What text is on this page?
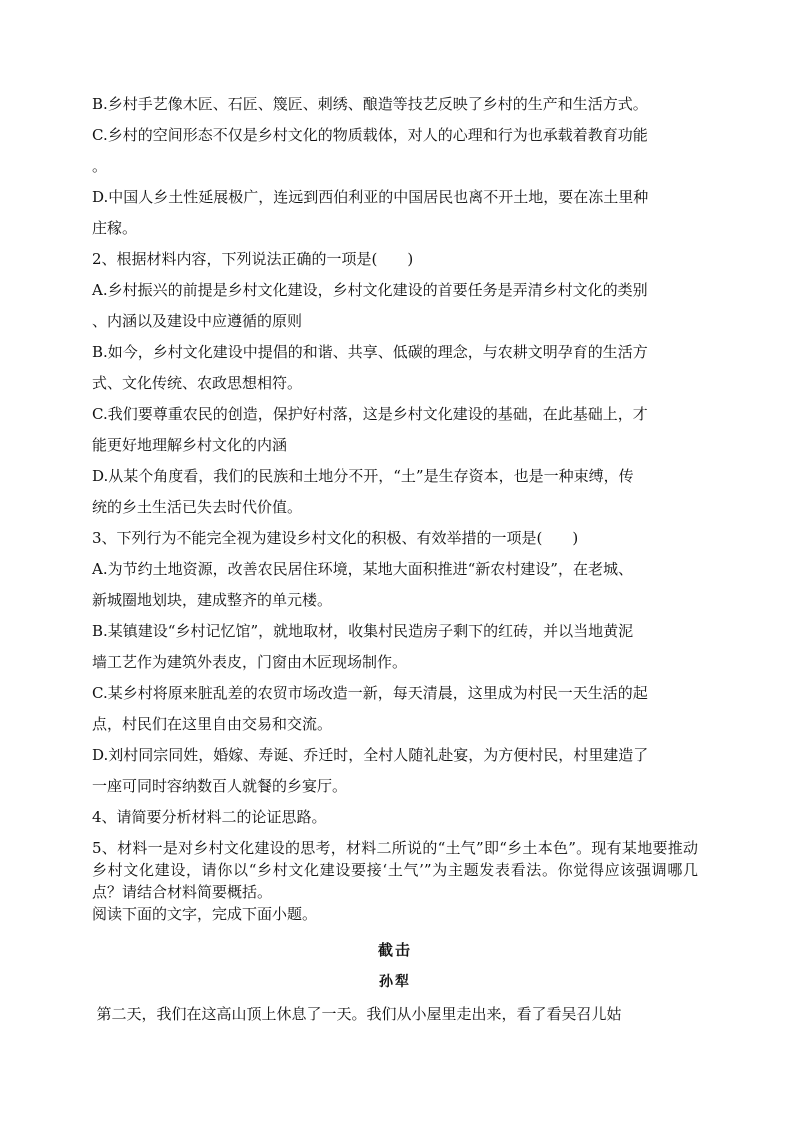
B.乡村手艺像木匠、石匠、篾匠、刺绣、酿造等技艺反映了乡村的生产和生活方式。

C.乡村的空间形态不仅是乡村文化的物质载体，对人的心理和行为也承载着教育功能

。

D.中国人乡土性延展极广，连远到西伯利亚的中国居民也离不开土地，要在冻土里种

庄稼。

2、根据材料内容，下列说法正确的一项是(　　)

A.乡村振兴的前提是乡村文化建设，乡村文化建设的首要任务是弄清乡村文化的类别

、内涵以及建设中应遵循的原则

B.如今，乡村文化建设中提倡的和谐、共享、低碳的理念，与农耕文明孕育的生活方

式、文化传统、农政思想相符。

C.我们要尊重农民的创造，保护好村落，这是乡村文化建设的基础，在此基础上，才

能更好地理解乡村文化的内涵

D.从某个角度看，我们的民族和土地分不开，“土”是生存资本，也是一种束缚，传

统的乡土生活已失去时代价值。

3、下列行为不能完全视为建设乡村文化的积极、有效举措的一项是(　　)

A.为节约土地资源，改善农民居住环境，某地大面积推进“新农村建设”，在老城、

新城圈地划块，建成整齐的单元楼。

B.某镇建设“乡村记忆馆”，就地取材，收集村民造房子剩下的红砖，并以当地黄泥

墙工艺作为建筑外表皮，门窗由木匠现场制作。

C.某乡村将原来脏乱差的农贸市场改造一新，每天清晨，这里成为村民一天生活的起

点，村民们在这里自由交易和交流。

D.刘村同宗同姓，婚嫁、寿诞、乔迁时，全村人随礼赴宴，为方便村民，村里建造了

一座可同时容纳数百人就餐的乡宴厅。

4、请简要分析材料二的论证思路。

5、材料一是对乡村文化建设的思考，材料二所说的“土气”即“乡土本色”。现有某地要推动乡村文化建设，请你以“乡村文化建设要接‘土气’”为主题发表看法。你觉得应该强调哪几点？请结合材料简要概括。

阅读下面的文字，完成下面小题。

截击

孙犁

第二天，我们在这高山顶上休息了一天。我们从小屋里走出来，看了看吴召儿姑
